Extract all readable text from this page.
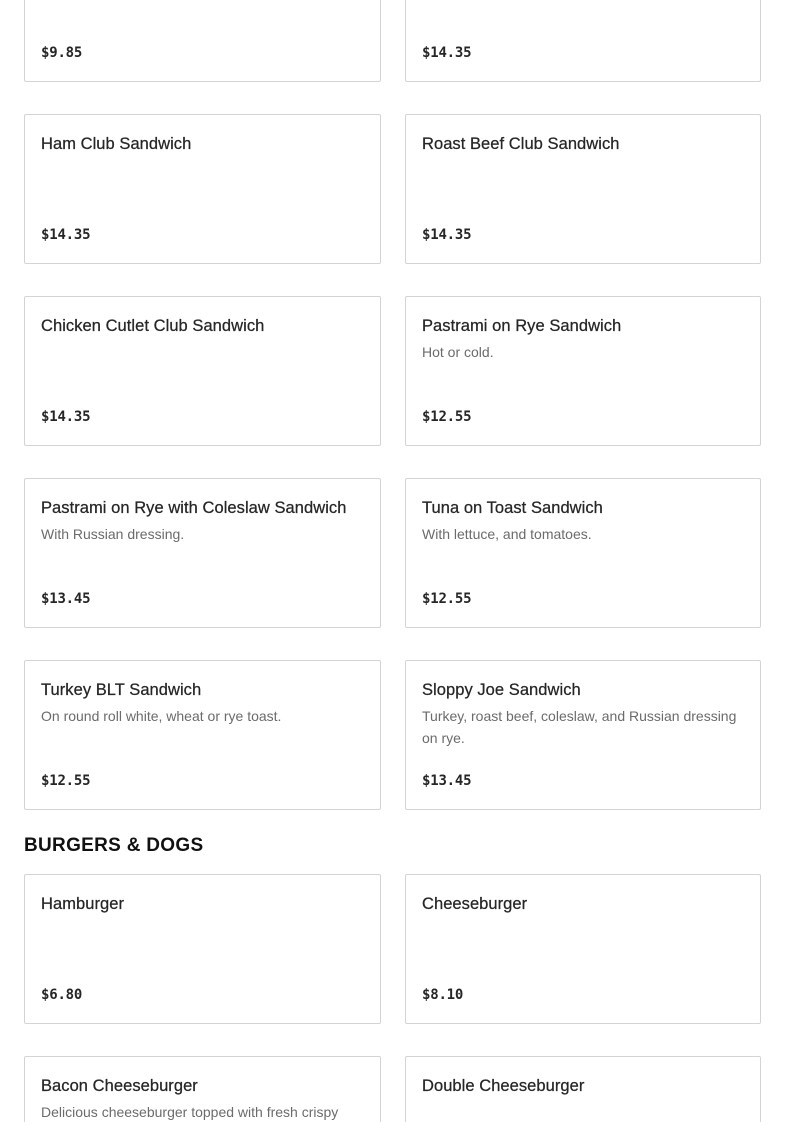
$9.85	$14.35
Ham Club Sandwich
$14.35
Roast Beef Club Sandwich
$14.35
Chicken Cutlet Club Sandwich
$14.35
Pastrami on Rye Sandwich
Hot or cold.
$12.55
Pastrami on Rye with Coleslaw Sandwich
With Russian dressing.
$13.45
Tuna on Toast Sandwich
With lettuce, and tomatoes.
$12.55
Turkey BLT Sandwich
On round roll white, wheat or rye toast.
$12.55
Sloppy Joe Sandwich
Turkey, roast beef, coleslaw, and Russian dressing on rye.
$13.45
BURGERS & DOGS
Hamburger
$6.80
Cheeseburger
$8.10
Bacon Cheeseburger
Delicious cheeseburger topped with fresh crispy
Double Cheeseburger
